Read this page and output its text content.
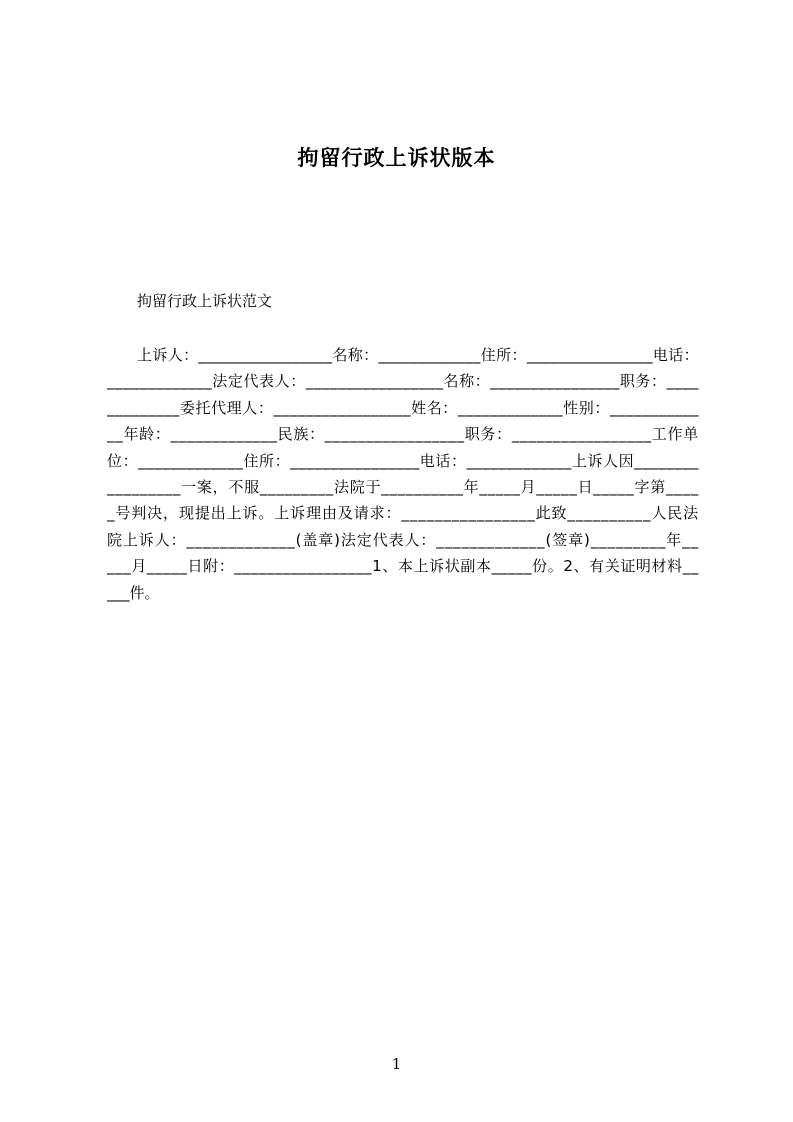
拘留行政上诉状版本
拘留行政上诉状范文
上诉人：_________________名称：_____________住所：________________电话：
_____________法定代表人：_________________名称：________________职务：____
_________委托代理人：_________________姓名：_____________性别：___________
__年龄：_____________民族：_________________职务：_________________工作单
位：_____________住所：________________电话：_____________上诉人因________
_________一案，不服_________法院于__________年_____月_____日_____字第____
_号判决，现提出上诉。上诉理由及请求：________________此致__________人民法
院上诉人：_____________(盖章)法定代表人：_____________(签章)_________年__
___月_____日附：_________________1、本上诉状副本_____份。2、有关证明材料__
___件。
1
